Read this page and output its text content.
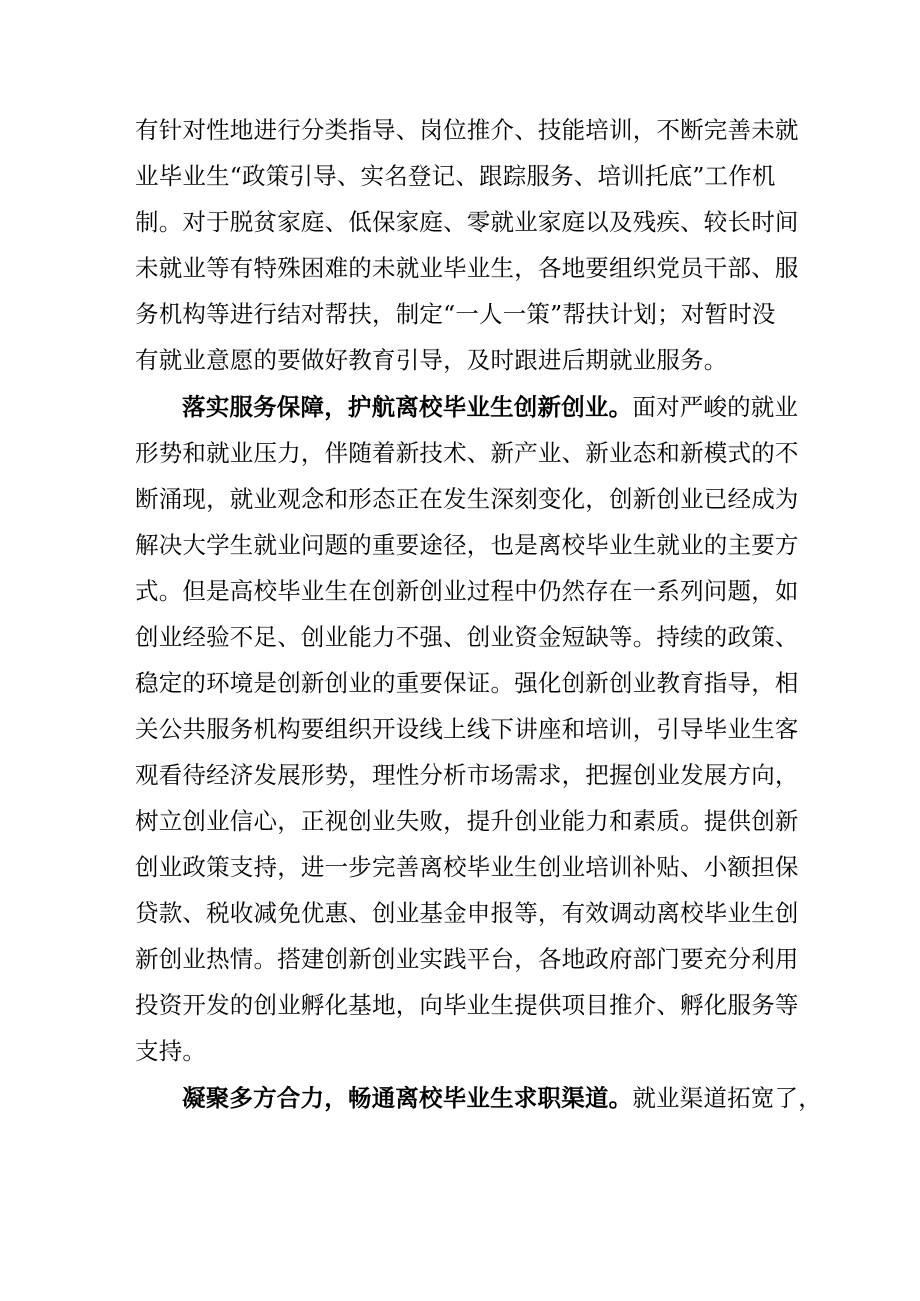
有针对性地进行分类指导、岗位推介、技能培训，不断完善未就
业毕业生“政策引导、实名登记、跟踪服务、培训托底”工作机
制。对于脱贫家庭、低保家庭、零就业家庭以及残疾、较长时间
未就业等有特殊困难的未就业毕业生，各地要组织党员干部、服
务机构等进行结对帮扶，制定“一人一策”帮扶计划；对暂时没
有就业意愿的要做好教育引导，及时跟进后期就业服务。
落实服务保障，护航离校毕业生创新创业。面对严峻的就业
形势和就业压力，伴随着新技术、新产业、新业态和新模式的不
断涌现，就业观念和形态正在发生深刻变化，创新创业已经成为
解决大学生就业问题的重要途径，也是离校毕业生就业的主要方
式。但是高校毕业生在创新创业过程中仍然存在一系列问题，如
创业经验不足、创业能力不强、创业资金短缺等。持续的政策、
稳定的环境是创新创业的重要保证。强化创新创业教育指导，相
关公共服务机构要组织开设线上线下讲座和培训，引导毕业生客
观看待经济发展形势，理性分析市场需求，把握创业发展方向，
树立创业信心，正视创业失败，提升创业能力和素质。提供创新
创业政策支持，进一步完善离校毕业生创业培训补贴、小额担保
贷款、税收减免优惠、创业基金申报等，有效调动离校毕业生创
新创业热情。搭建创新创业实践平台，各地政府部门要充分利用
投资开发的创业孵化基地，向毕业生提供项目推介、孵化服务等
支持。
凝聚多方合力，畅通离校毕业生求职渠道。就业渠道拓宽了，
